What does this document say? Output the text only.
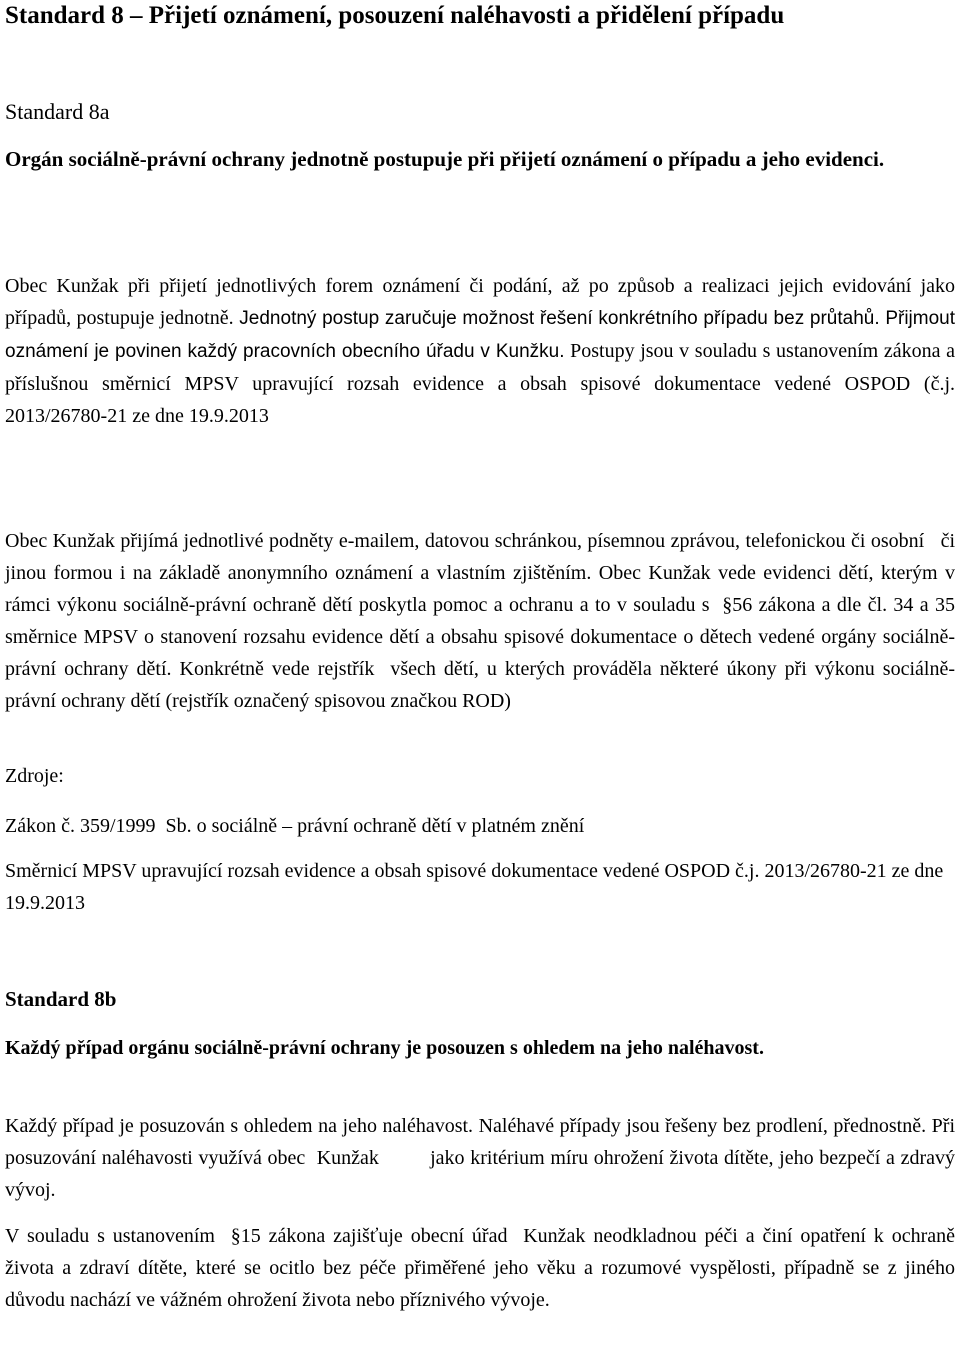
Standard 8 – Přijetí oznámení, posouzení naléhavosti a přidělení případu
Standard 8a

Orgán sociálně-právní ochrany jednotně postupuje při přijetí oznámení o případu a jeho evidenci.

Obec Kunžak při přijetí jednotlivých forem oznámení či podání, až po způsob a realizaci jejich evidování jako případů, postupuje jednotně. Jednotný postup zaručuje možnost řešení konkrétního případu bez průtahů. Přijmout oznámení je povinen každý pracovních obecního úřadu v Kunžku. Postupy jsou v souladu s ustanovením zákona a příslušnou směrnicí MPSV upravující rozsah evidence a obsah spisové dokumentace vedené OSPOD (č.j. 2013/26780-21 ze dne 19.9.2013

Obec Kunžak přijímá jednotlivé podněty e-mailem, datovou schránkou, písemnou zprávou, telefonickou či osobní   či jinou formou i na základě anonymního oznámení a vlastním zjištěním. Obec Kunžak vede evidenci dětí, kterým v rámci výkonu sociálně-právní ochraně dětí poskytla pomoc a ochranu a to v souladu s  §56 zákona a dle čl. 34 a 35 směrnice MPSV o stanovení rozsahu evidence dětí a obsahu spisové dokumentace o dětech vedené orgány sociálně-právní ochrany dětí. Konkrétně vede rejstřík  všech dětí, u kterých prováděla některé úkony při výkonu sociálně-právní ochrany dětí (rejstřík označený spisovou značkou ROD)

Zdroje:

Zákon č. 359/1999  Sb. o sociálně – právní ochraně dětí v platném znění

Směrnicí MPSV upravující rozsah evidence a obsah spisové dokumentace vedené OSPOD č.j. 2013/26780-21 ze dne 19.9.2013

Standard 8b

Každý případ orgánu sociálně-právní ochrany je posouzen s ohledem na jeho naléhavost.

Každý případ je posuzován s ohledem na jeho naléhavost. Naléhavé případy jsou řešeny bez prodlení, přednostně. Při posuzování naléhavosti využívá obec  Kunžak         jako kritérium míru ohrožení života dítěte, jeho bezpečí a zdravý vývoj.

V souladu s ustanovením  §15 zákona zajišťuje obecní úřad  Kunžak neodkladnou péči a činí opatření k ochraně života a zdraví dítěte, které se ocitlo bez péče přiměřené jeho věku a rozumové vyspělosti, případně se z jiného důvodu nachází ve vážném ohrožení života nebo příznivého vývoje.
